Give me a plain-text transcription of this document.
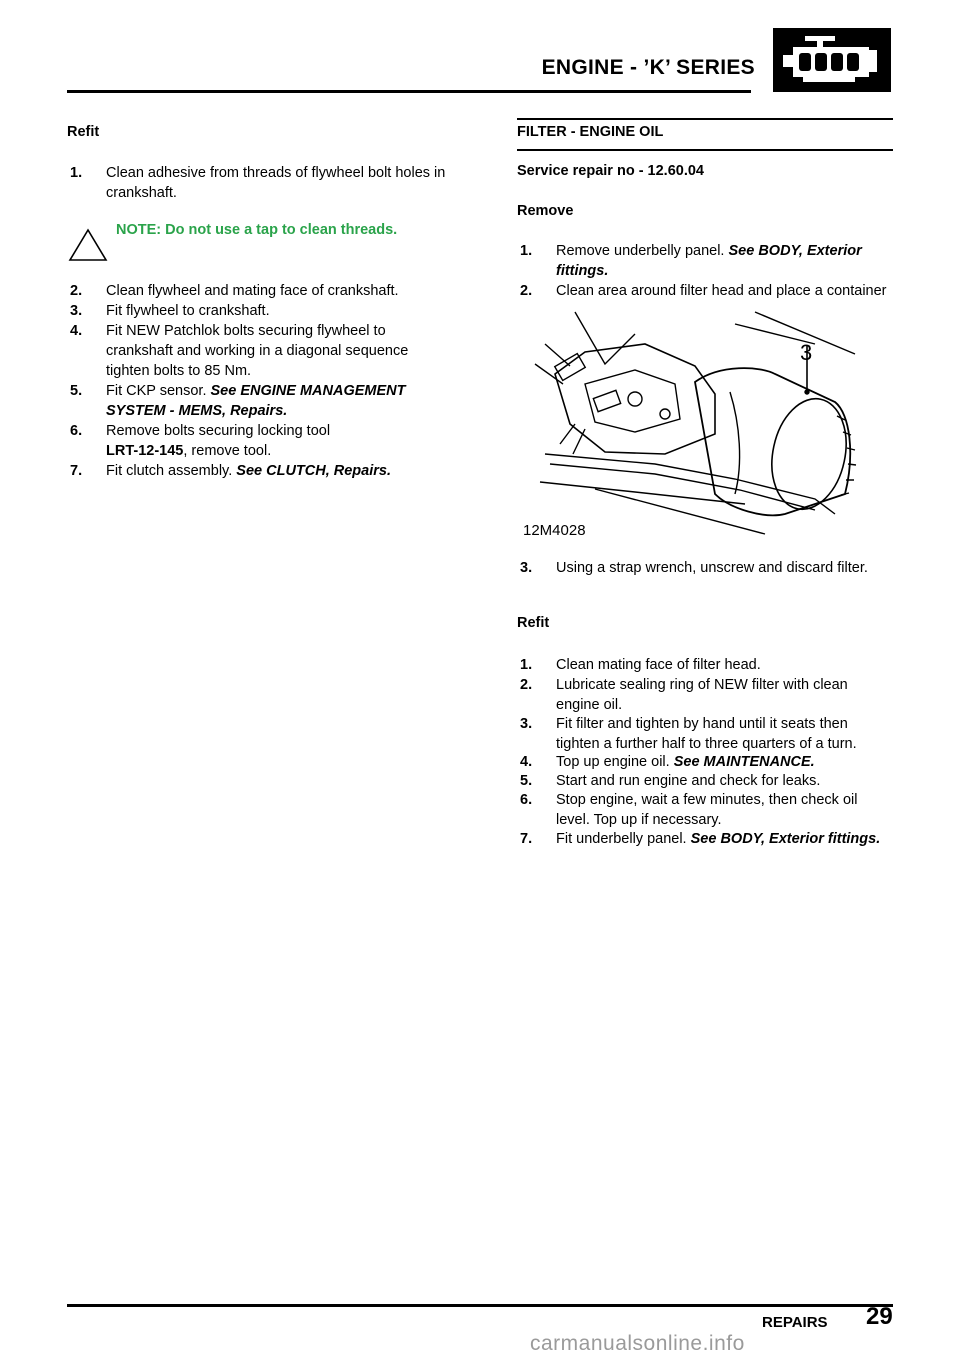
ENGINE - ’K’ SERIES
Refit
1. Clean adhesive from threads of flywheel bolt holes in crankshaft.
NOTE: Do not use a tap to clean threads.
2. Clean flywheel and mating face of crankshaft.
3. Fit flywheel to crankshaft.
4. Fit NEW Patchlok bolts securing flywheel to crankshaft and working in a diagonal sequence tighten bolts to 85 Nm.
5. Fit CKP sensor. See ENGINE MANAGEMENT SYSTEM - MEMS, Repairs.
6. Remove bolts securing locking tool
LRT-12-145, remove tool.
7. Fit clutch assembly. See CLUTCH, Repairs.
FILTER - ENGINE OIL
Service repair no - 12.60.04
Remove
1. Remove underbelly panel. See BODY, Exterior fittings.
2. Clean area around filter head and place a container
3
12M4028
3. Using a strap wrench, unscrew and discard filter.
Refit
1. Clean mating face of filter head.
2. Lubricate sealing ring of NEW filter with clean engine oil.
3. Fit filter and tighten by hand until it seats then tighten a further half to three quarters of a turn.
4. Top up engine oil. See MAINTENANCE.
5. Start and run engine and check for leaks.
6. Stop engine, wait a few minutes, then check oil level. Top up if necessary.
7. Fit underbelly panel. See BODY, Exterior fittings.
REPAIRS 29
carmanualsonline.info
